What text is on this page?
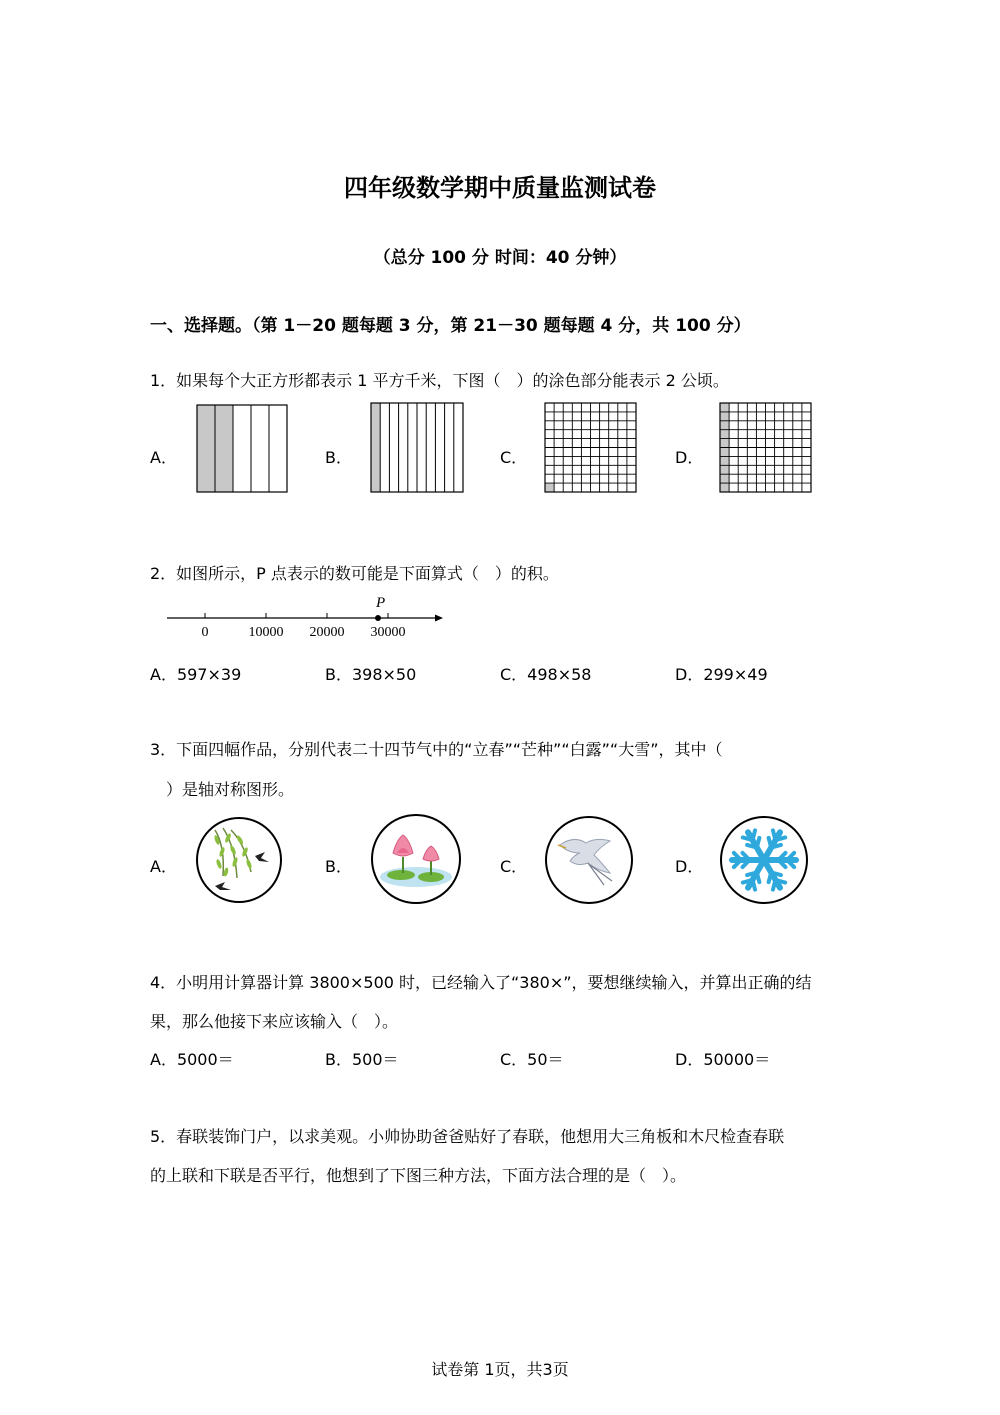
四年级数学期中质量监测试卷
（总分 100 分 时间：40 分钟）
一、选择题。（第 1－20 题每题 3 分，第 21－30 题每题 4 分，共 100 分）
1．如果每个大正方形都表示 1 平方千米，下图（　）的涂色部分能表示 2 公顷。
A．	B．	C．	D．
2．如图所示，P 点表示的数可能是下面算式（　）的积。
P
0	10000 20000 30000
A．597×39	B．398×50	C．498×58	D．299×49
3．下面四幅作品，分别代表二十四节气中的“立春”“芒种”“白露”“大雪”，其中（
　）是轴对称图形。
A．	B．	C．	D．
4．小明用计算器计算 3800×500 时，已经输入了“380×”，要想继续输入，并算出正确的结
果，那么他接下来应该输入（　）。
A．5000＝	B．500＝	C．50＝	D．50000＝
5．春联装饰门户，以求美观。小帅协助爸爸贴好了春联，他想用大三角板和木尺检查春联
的上联和下联是否平行，他想到了下图三种方法，下面方法合理的是（　）。
试卷第 1页，共3页
